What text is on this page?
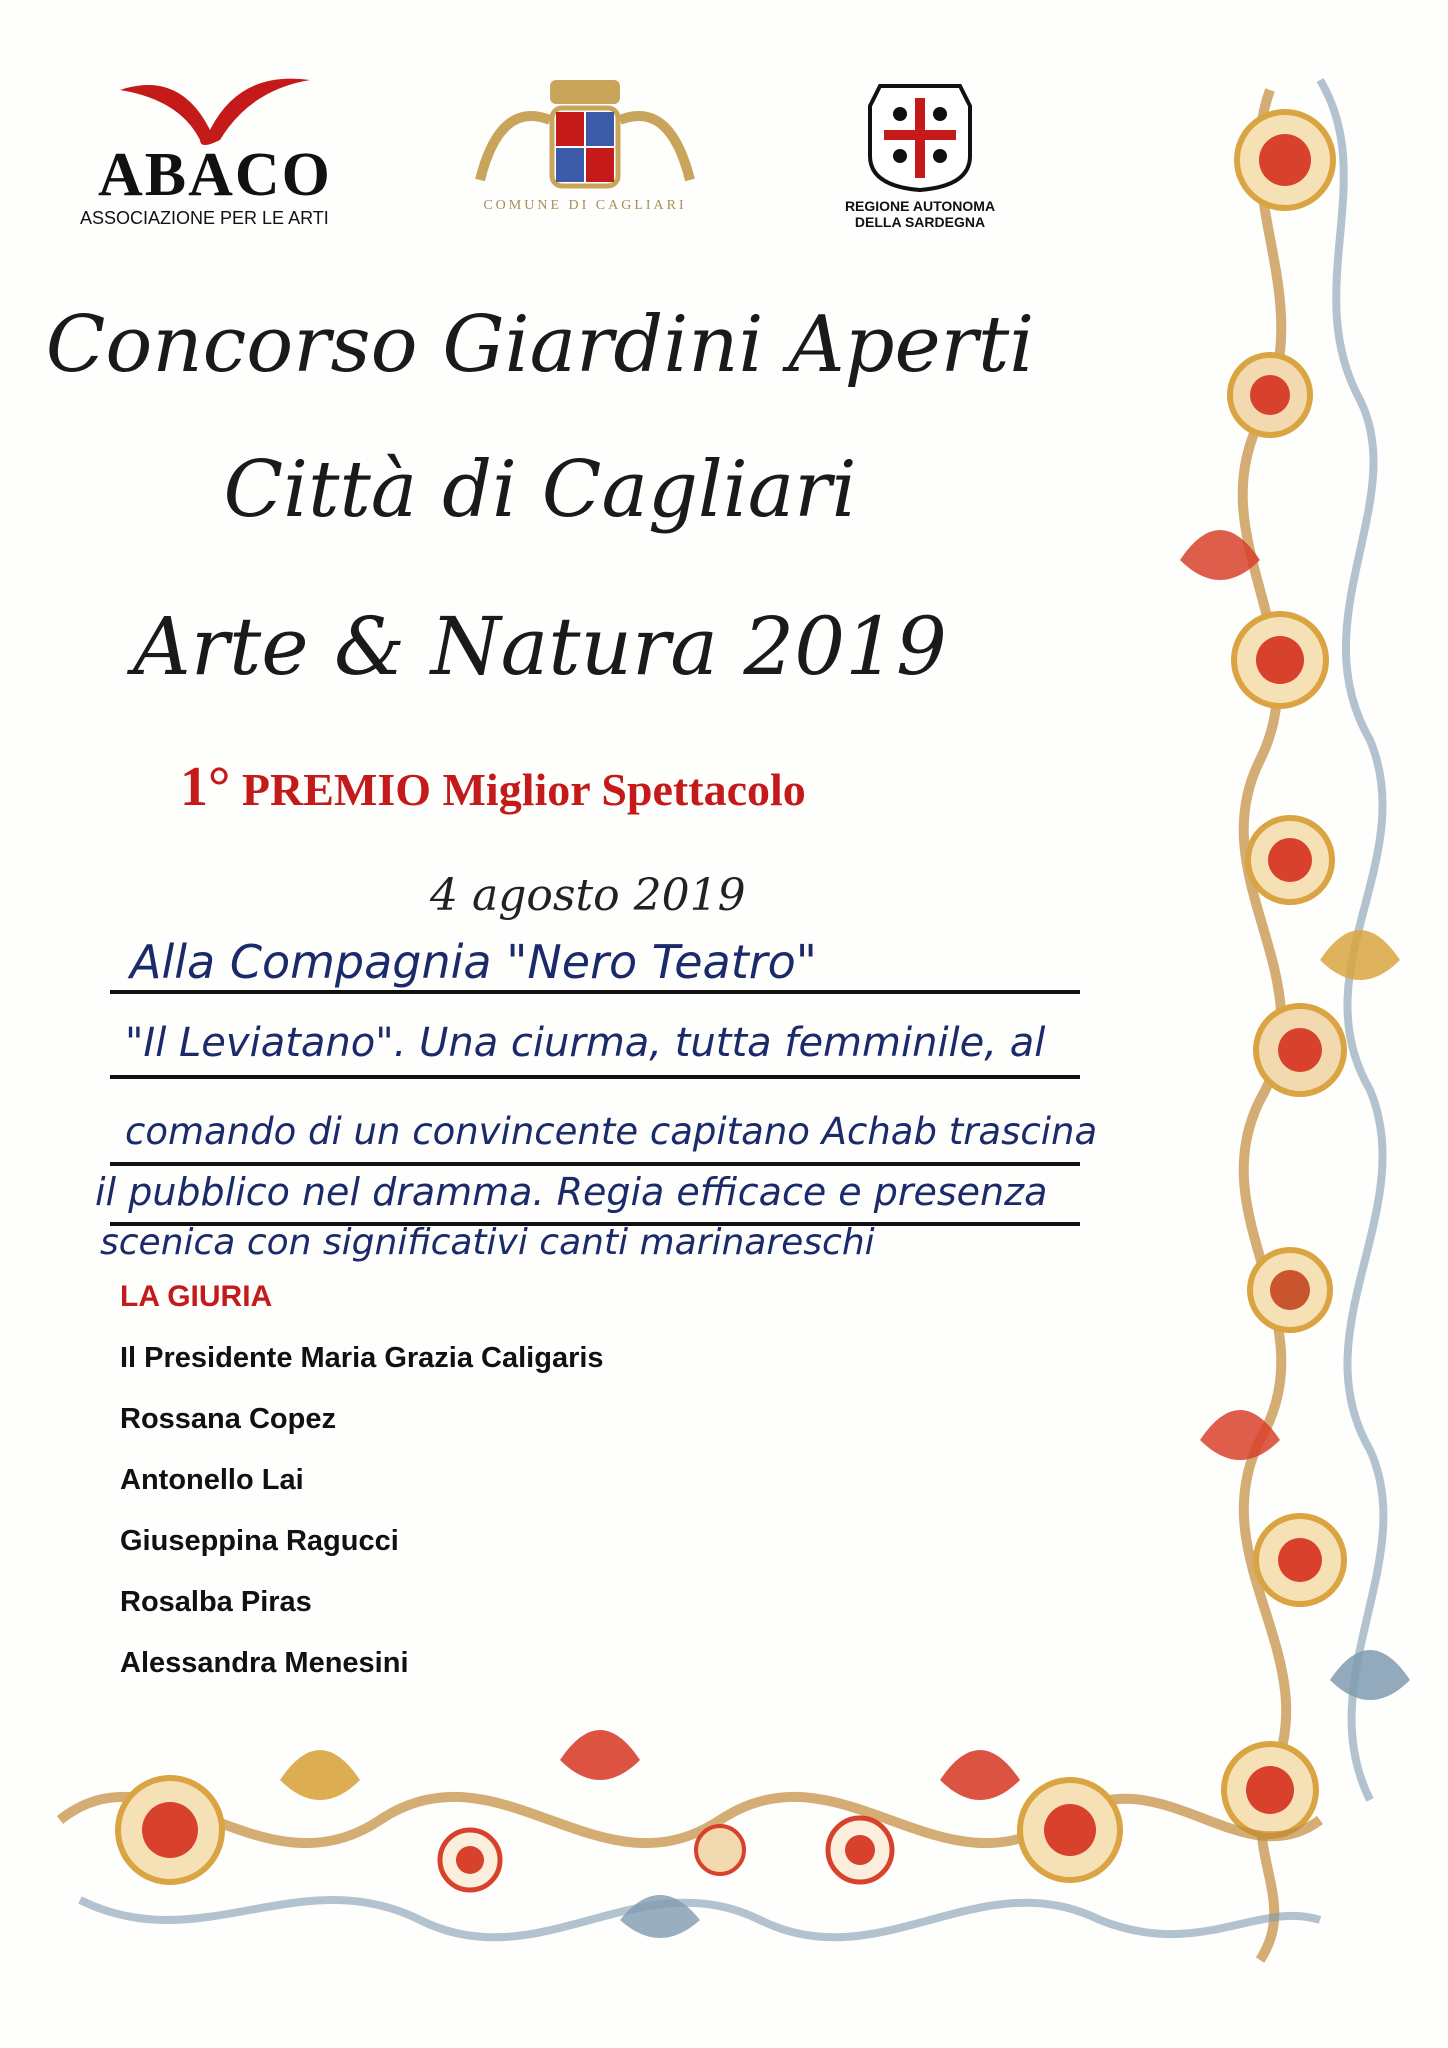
ABACO
ASSOCIAZIONE PER LE ARTI
COMUNE DI CAGLIARI	REGIONE AUTONOMA
DELLA SARDEGNA
Concorso Giardini Aperti
Città di Cagliari
Arte & Natura 2019
1° PREMIO Miglior Spettacolo
4 agosto 2019
Alla Compagnia "Nero Teatro"
"Il Leviatano". Una ciurma, tutta femminile, al
comando di un convincente capitano Achab trascina
il pubblico nel dramma. Regia efficace e presenza
scenica con significativi canti marinareschi
LA GIURIA
Il Presidente Maria Grazia Caligaris
Rossana Copez
Antonello Lai
Giuseppina Ragucci
Rosalba Piras
Alessandra Menesini
